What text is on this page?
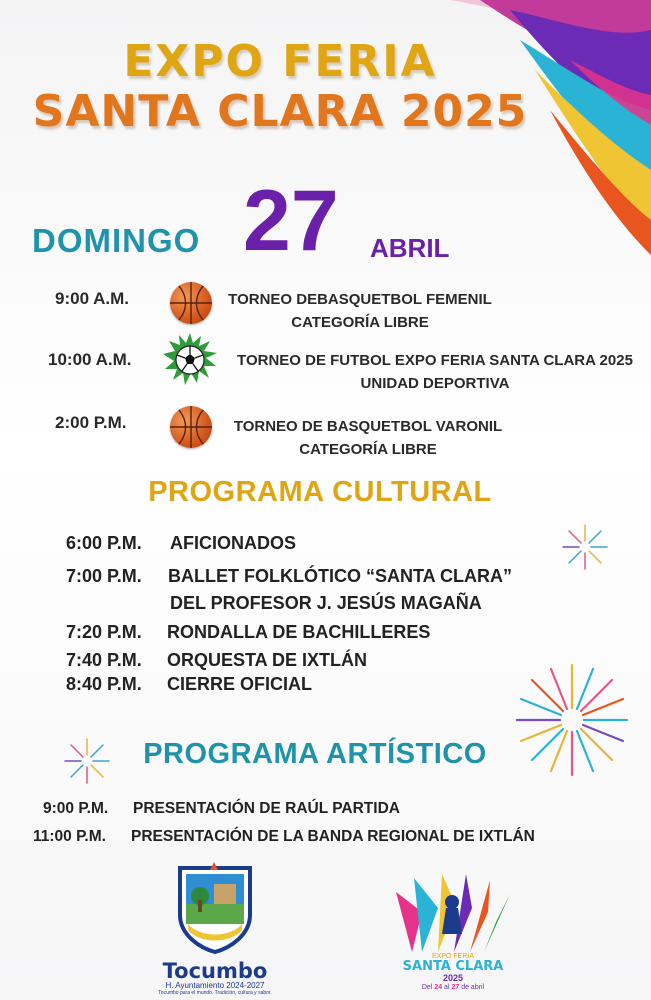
EXPO FERIA
SANTA CLARA 2025
DOMINGO 27 ABRIL
9:00 A.M.	TORNEO DEBASQUETBOL FEMENIL
CATEGORÍA LIBRE
10:00 A.M.	TORNEO DE FUTBOL EXPO FERIA SANTA CLARA 2025
UNIDAD DEPORTIVA
2:00 P.M.	TORNEO DE BASQUETBOL VARONIL
CATEGORÍA LIBRE
PROGRAMA CULTURAL
6:00 P.M. AFICIONADOS
7:00 P.M. BALLET FOLKLÓTICO “SANTA CLARA”
DEL PROFESOR J. JESÚS MAGAÑA
7:20 P.M. RONDALLA DE BACHILLERES
7:40 P.M. ORQUESTA DE IXTLÁN
8:40 P.M. CIERRE OFICIAL
PROGRAMA ARTÍSTICO
9:00 P.M. PRESENTACIÓN DE RAÚL PARTIDA
11:00 P.M. PRESENTACIÓN DE LA BANDA REGIONAL DE IXTLÁN
Tocumbo
H. Ayuntamiento 2024-2027
Tocumbo para el mundo. Tradición, cultura y sabor.
EXPO FERIA
SANTA CLARA
2025
Del 24 al 27 de abril
